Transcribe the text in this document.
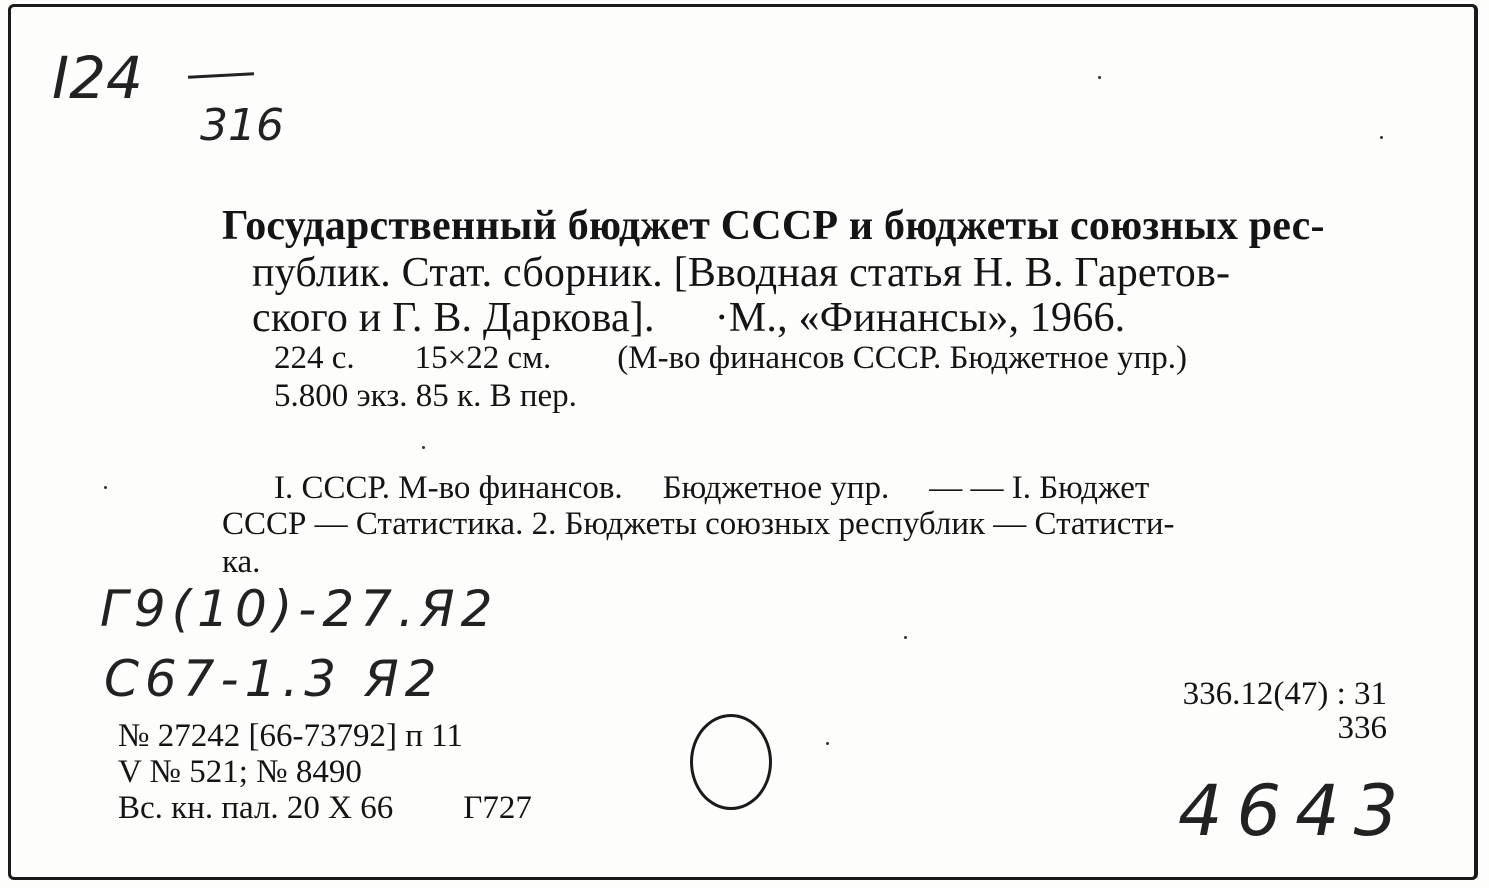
І24
316
Государственный бюджет СССР и бюджеты союзных рес-
публик. Стат. сборник. [Вводная статья Н. В. Гаретов-
ского и Г. В. Даркова]. ·М., «Финансы», 1966.
224 с. 15×22 см. (М-во финансов СССР. Бюджетное упр.)
5.800 экз. 85 к. В пер.
I. СССР. М-во финансов. Бюджетное упр. — — I. Бюджет
СССР — Статистика. 2. Бюджеты союзных республик — Статисти-
ка.
Г9(10)-27.Я2
С67-1.3 Я2	336.12(47) : 31
336
№ 27242 [66-73792] п 11
V № 521; № 8490
Вс. кн. пал. 20 X 66 Г727	4643
